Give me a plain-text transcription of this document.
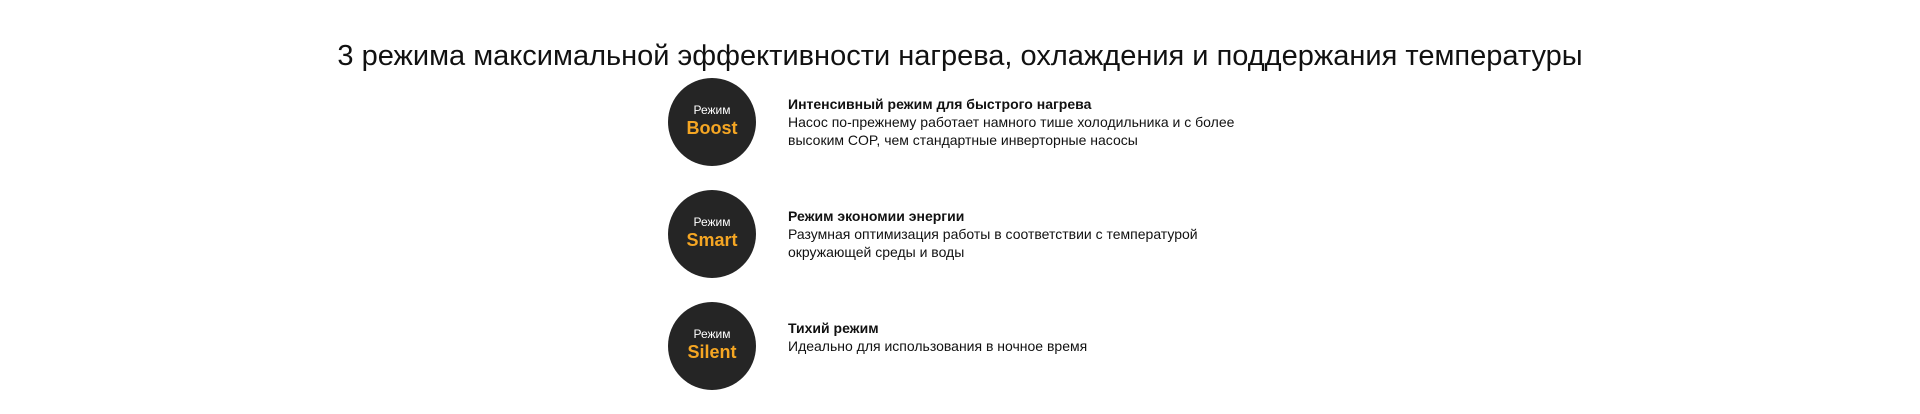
3 режима максимальной эффективности нагрева, охлаждения и поддержания температуры
Режим
Boost
Интенсивный режим для быстрого нагрева
Насос по-прежнему работает намного тише холодильника и с более высоким COP, чем стандартные инверторные насосы
Режим
Smart
Режим экономии энергии
Разумная оптимизация работы в соответствии с температурой окружающей среды и воды
Режим
Silent
Тихий режим
Идеально для использования в ночное время
